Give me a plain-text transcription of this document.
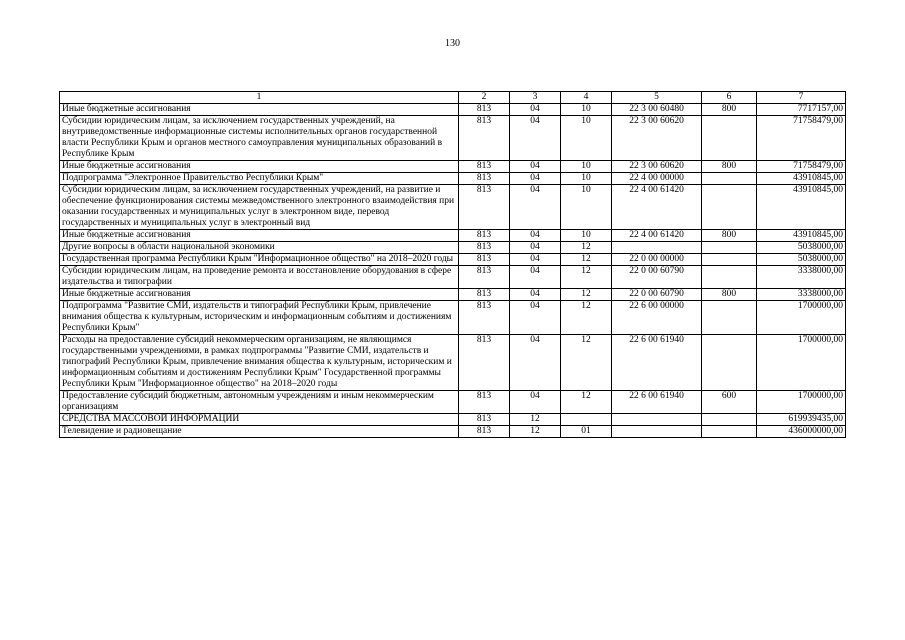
130
1	2	3	4	5	6	7
Иные бюджетные ассигнования	813	04	10	22 3 00 60480	800	7717157,00
Субсидии юридическим лицам, за исключением государственных учреждений, на внутриведомственные информационные системы исполнительных органов государственной власти Республики Крым и органов местного самоуправления муниципальных образований в Республике Крым	813	04	10	22 3 00 60620		71758479,00
Иные бюджетные ассигнования	813	04	10	22 3 00 60620	800	71758479,00
Подпрограмма "Электронное Правительство Республики Крым"	813	04	10	22 4 00 00000		43910845,00
Субсидии юридическим лицам, за исключением государственных учреждений, на развитие и обеспечение функционирования системы межведомственного электронного взаимодействия при оказании государственных и муниципальных услуг в электронном виде, перевод государственных и муниципальных услуг в электронный вид	813	04	10	22 4 00 61420		43910845,00
Иные бюджетные ассигнования	813	04	10	22 4 00 61420	800	43910845,00
Другие вопросы в области национальной экономики	813	04	12			5038000,00
Государственная программа Республики Крым "Информационное общество" на 2018–2020 годы	813	04	12	22 0 00 00000		5038000,00
Субсидии юридическим лицам, на проведение ремонта и восстановление оборудования в сфере издательства и типографии	813	04	12	22 0 00 60790		3338000,00
Иные бюджетные ассигнования	813	04	12	22 0 00 60790	800	3338000,00
Подпрограмма "Развитие СМИ, издательств и типографий Республики Крым, привлечение внимания общества к культурным, историческим и информационным событиям и достижениям Республики Крым"	813	04	12	22 6 00 00000		1700000,00
Расходы на предоставление субсидий некоммерческим организациям, не являющимся государственными учреждениями, в рамках подпрограммы "Развитие СМИ, издательств и типографий Республики Крым, привлечение внимания общества к культурным, историческим и информационным событиям и достижениям Республики Крым" Государственной программы Республики Крым "Информационное общество" на 2018–2020 годы	813	04	12	22 6 00 61940		1700000,00
Предоставление субсидий бюджетным, автономным учреждениям и иным некоммерческим организациям	813	04	12	22 6 00 61940	600	1700000,00
СРЕДСТВА МАССОВОЙ ИНФОРМАЦИИ	813	12				619939435,00
Телевидение и радиовещание	813	12	01			436000000,00
